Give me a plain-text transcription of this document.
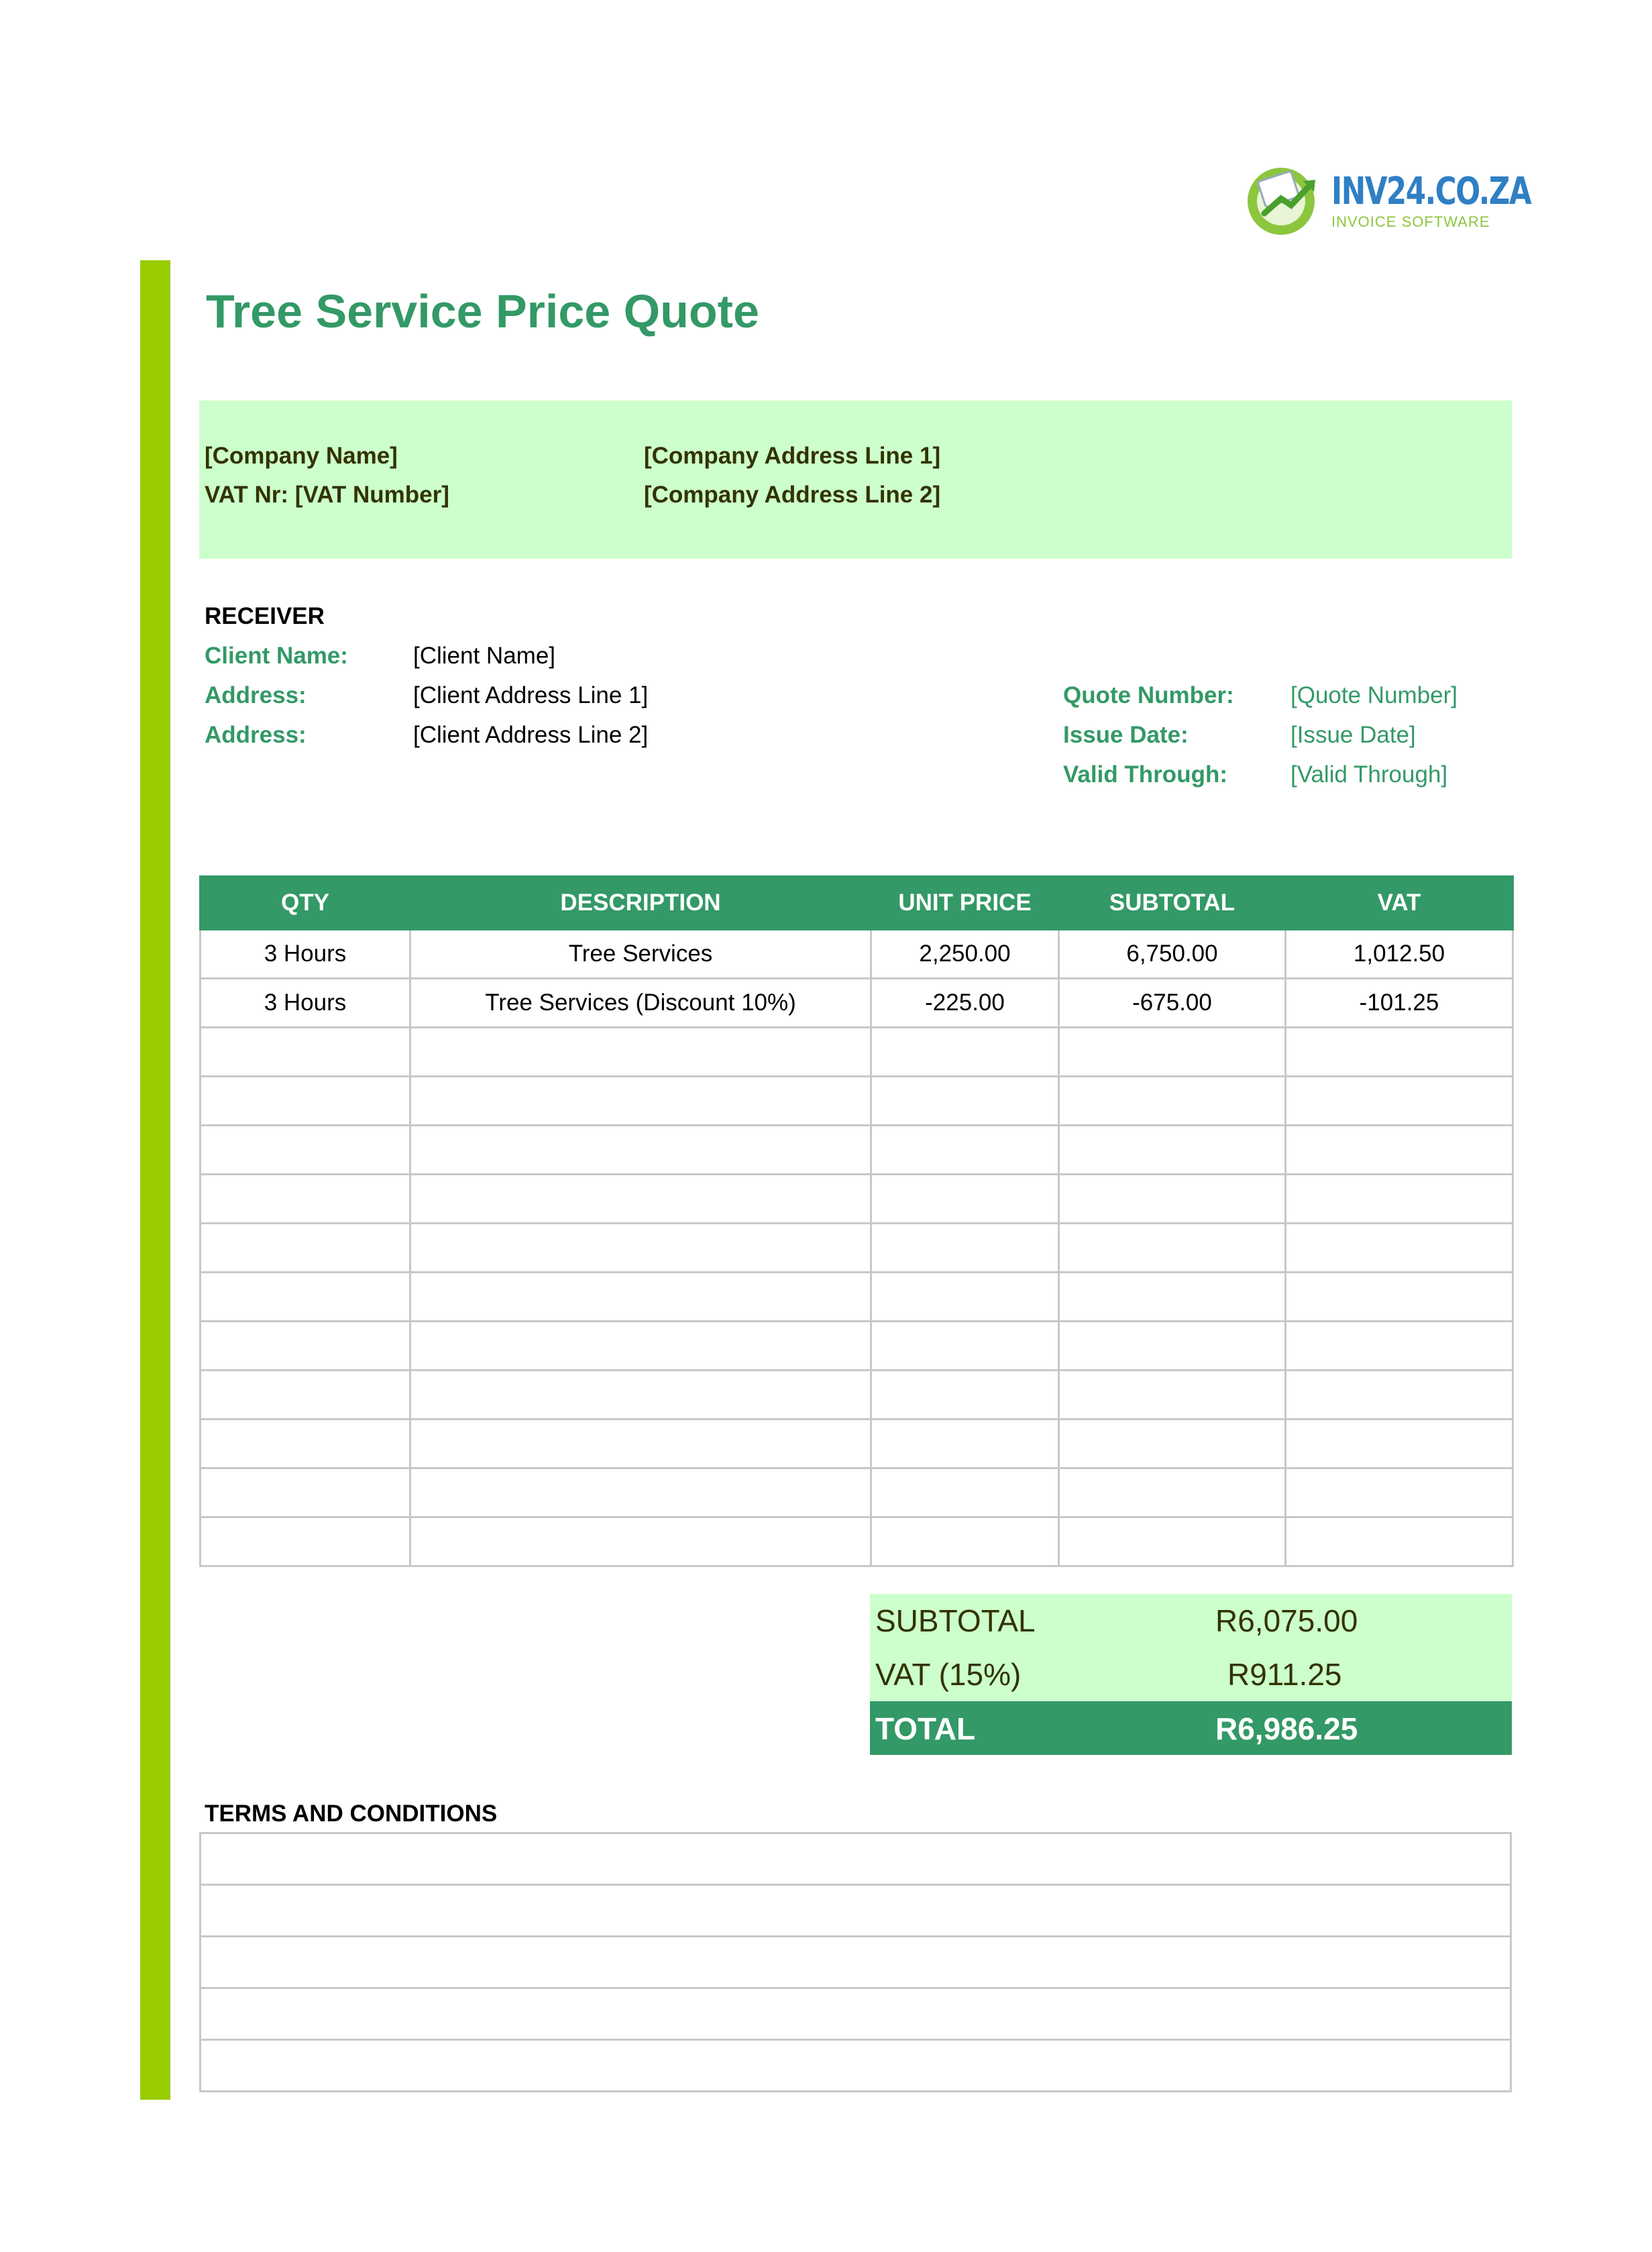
INV24.CO.ZA
INVOICE SOFTWARE
Tree Service Price Quote
[Company Name]
VAT Nr: [VAT Number]
[Company Address Line 1]
[Company Address Line 2]
RECEIVER
Client Name:	[Client Name]
Address:	[Client Address Line 1]
Address:	[Client Address Line 2]
Quote Number: [Quote Number]
Issue Date:	[Issue Date]
Valid Through:	[Valid Through]
QTY	DESCRIPTION	UNIT PRICE	SUBTOTAL	VAT
3 Hours	Tree Services	2,250.00	6,750.00	1,012.50
3 Hours	Tree Services (Discount 10%)	-225.00	-675.00	-101.25

SUBTOTAL	R6,075.00
VAT (15%)	R911.25
TOTAL	R6,986.25
TERMS AND CONDITIONS
